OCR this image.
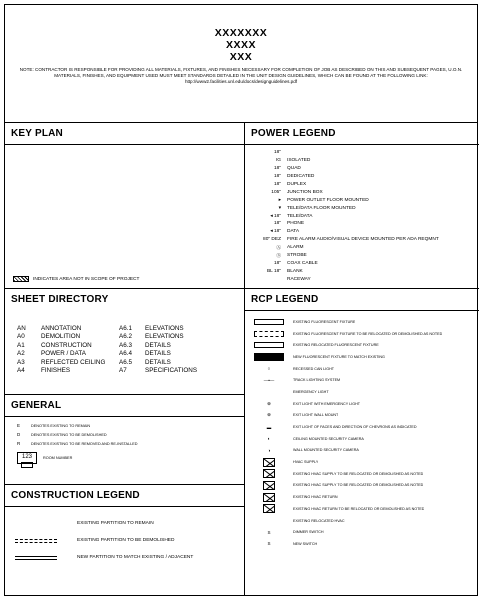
XXXXXXX
XXXX
XXX
NOTE: CONTRACTOR IS RESPONSIBLE FOR PROVIDING ALL MATERIALS, FIXTURES, AND FINISHES NECESSARY FOR COMPLETION OF JOB AS DESCRIBED ON THIS AND SUBSEQUENT PAGES, U.O.N. MATERIALS, FINISHES, AND EQUIPMENT USED MUST MEET STANDARDS DETAILED IN THE UNIT DESIGN GUIDELINES, WHICH CAN BE FOUND AT THE FOLLOWING LINK: http://www2.facilities.unl.edu/docs/designguidelines.pdf
KEY PLAN
INDICATES AREA NOT IN SCOPE OF PROJECT
SHEET DIRECTORY
AN	ANNOTATION	A6.1	ELEVATIONS
A0	DEMOLITION	A6.2	ELEVATIONS
A1	CONSTRUCTION	A6.3	DETAILS
A2	POWER / DATA	A6.4	DETAILS
A3	REFLECTED CEILING	A6.5	DETAILS
A4	FINISHES	A7	SPECIFICATIONS
GENERAL
E	DENOTES EXISTING TO REMAIN
D	DENOTES EXISTING TO BE DEMOLISHED
R	DENOTES EXISTING TO BE REMOVED AND RE-INSTALLED
123	ROOM NUMBER
CONSTRUCTION LEGEND
EXISTING PARTITION TO REMAIN
EXISTING PARTITION TO BE DEMOLISHED
NEW PARTITION TO MATCH EXISTING / ADJACENT
POWER LEGEND
18"
IG	ISOLATED
18"	QUAD
18"	DEDICATED
18"	DUPLEX
105"	JUNCTION BOX
▸	POWER OUTLET FLOOR MOUNTED
▾	TELE/DATA FLOOR MOUNTED
◂ 18"	TELE/DATA
18"	PHONE
◂ 18"	DATA
80" DEZ	FIRE ALARM AUDIO/VISUAL DEVICE MOUNTED PER ADA REQMNT
Ⓐ	ALARM
Ⓢ	STROBE
18"	COAX CABLE
BL 18"	BLANK
RACEWAY
RCP LEGEND
EXISTING FLUORESCENT FIXTURE
EXISTING FLUORESCENT FIXTURE TO BE RELOCATED OR DEMOLISHED AS NOTED
EXISTING RELOCATED FLUORESCENT FIXTURE
NEW FLUORESCENT FIXTURE TO MATCH EXISTING
○	RECESSED CAN LIGHT
—•—	TRACK LIGHTING SYSTEM
EMERGENCY LIGHT
⊗	EXIT LIGHT WITH EMERGENCY LIGHT
⊗	EXIT LIGHT WALL MOUNT
▬	EXIT LIGHT OF FACES AND DIRECTION OF CHEVRONS AS INDICATED
◐	CEILING MOUNTED SECURITY CAMERA
◑	WALL MOUNTED SECURITY CAMERA
HVAC SUPPLY
EXISTING HVAC SUPPLY TO BE RELOCATED OR DEMOLISHED AS NOTED
EXISTING HVAC SUPPLY TO BE RELOCATED OR DEMOLISHED AS NOTED
EXISTING HVAC RETURN
EXISTING HVAC RETURN TO BE RELOCATED OR DEMOLISHED AS NOTED
EXISTING RELOCATED HVAC
S	DIMMER SWITCH
S	NEW SWITCH
